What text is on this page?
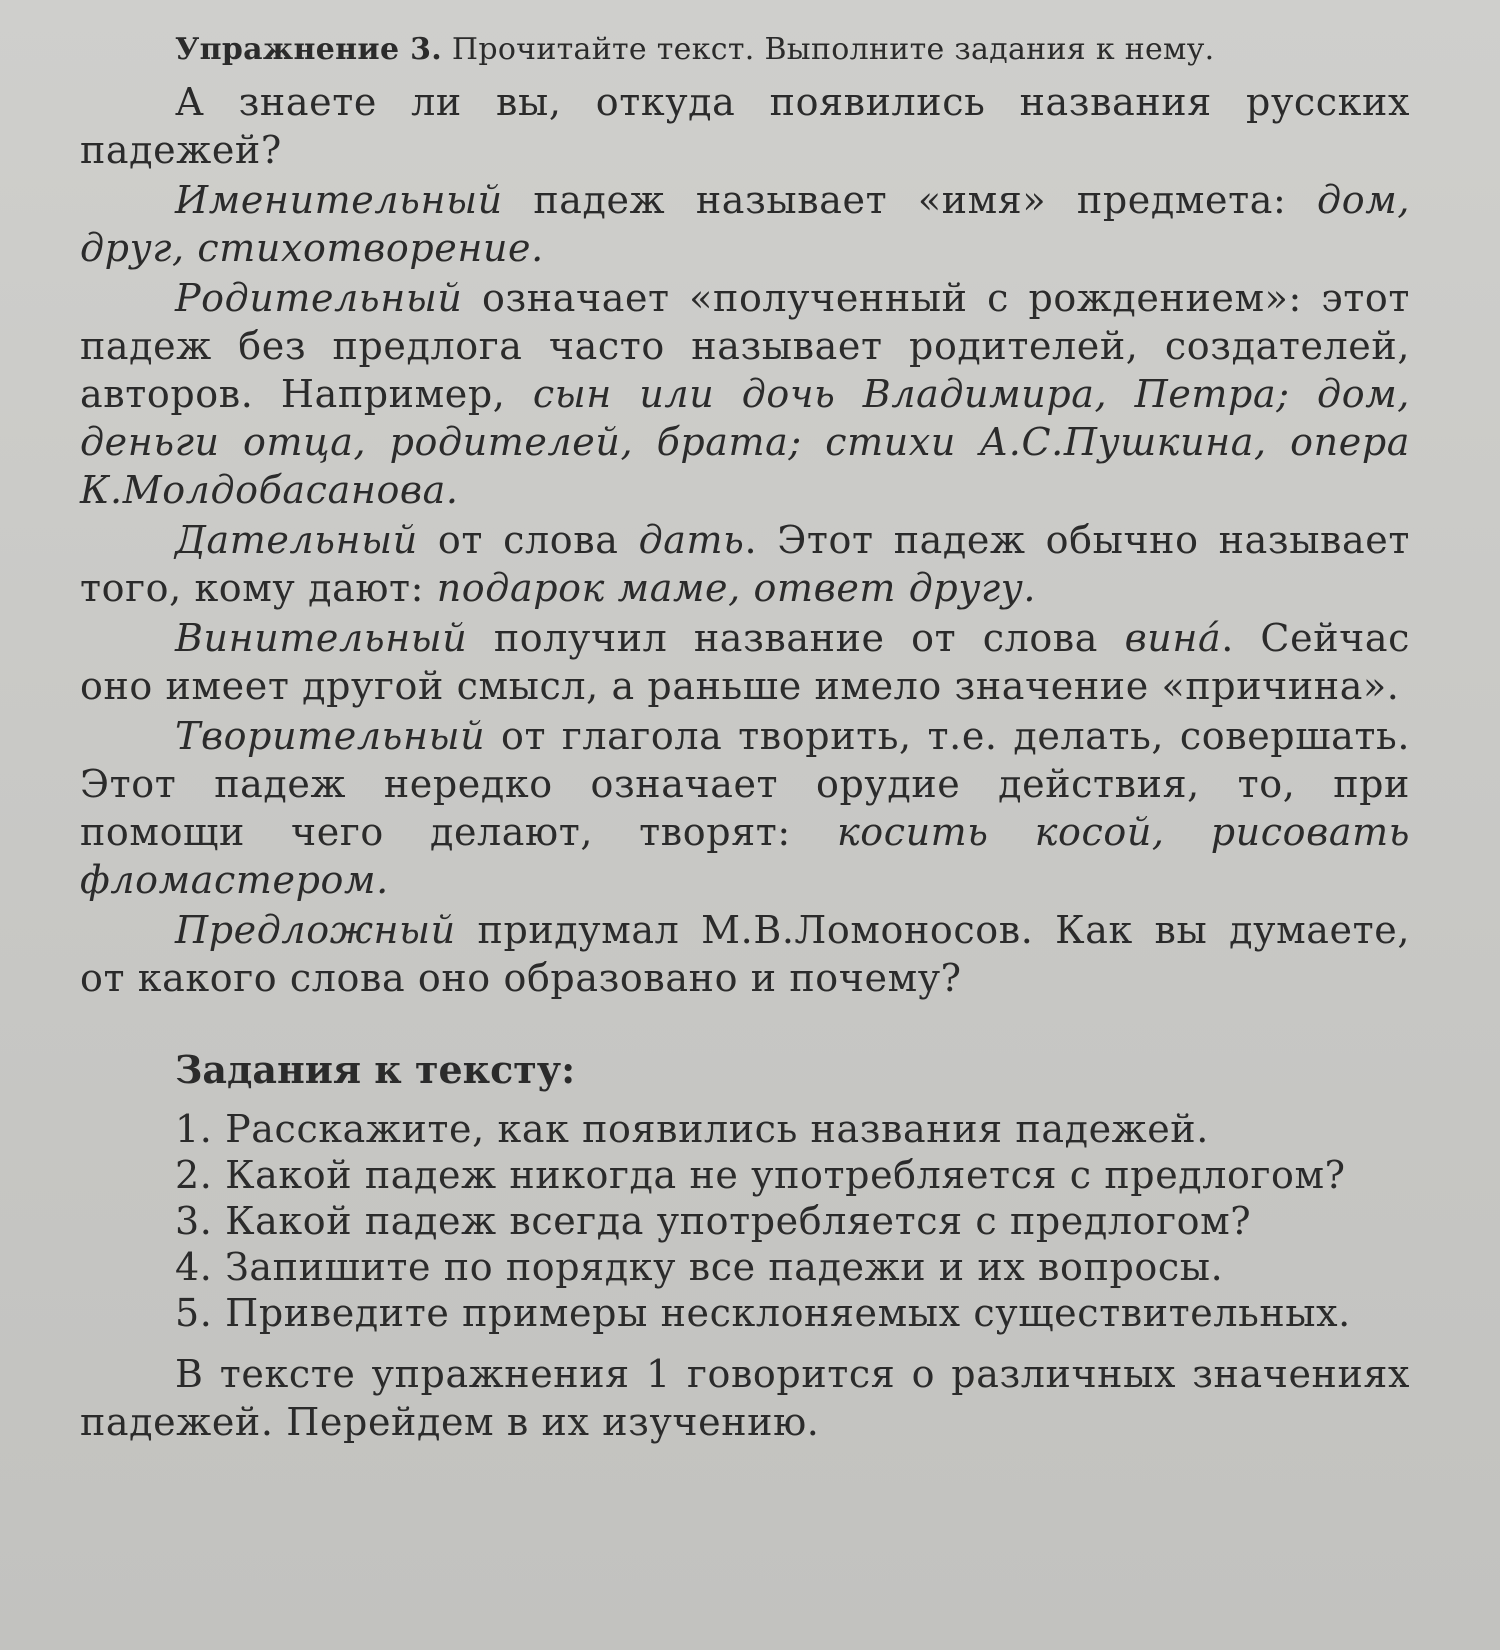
Упражнение 3. Прочитайте текст. Выполните задания к нему.

А знаете ли вы, откуда появились названия русских падежей?

Именительный падеж называет «имя» предмета: дом, друг, стихотворение.

Родительный означает «полученный с рождением»: этот падеж без предлога часто называет родителей, создателей, авторов. Например, сын или дочь Владимира, Петра; дом, деньги отца, родителей, брата; стихи А.С.Пушкина, опера К.Молдобасанова.

Дательный от слова дать. Этот падеж обычно называет того, кому дают: подарок маме, ответ другу.

Винительный получил название от слова вина́. Сейчас оно имеет другой смысл, а раньше имело значение «причина».

Творительный от глагола творить, т.е. делать, совершать. Этот падеж нередко означает орудие действия, то, при помощи чего делают, творят: косить косой, рисовать фломастером.

Предложный придумал М.В.Ломоносов. Как вы думаете, от какого слова оно образовано и почему?

Задания к тексту:

1. Расскажите, как появились названия падежей.

2. Какой падеж никогда не употребляется с предлогом?

3. Какой падеж всегда употребляется с предлогом?

4. Запишите по порядку все падежи и их вопросы.

5. Приведите примеры несклоняемых существительных.

В тексте упражнения 1 говорится о различных значениях падежей. Перейдем в их изучению.
